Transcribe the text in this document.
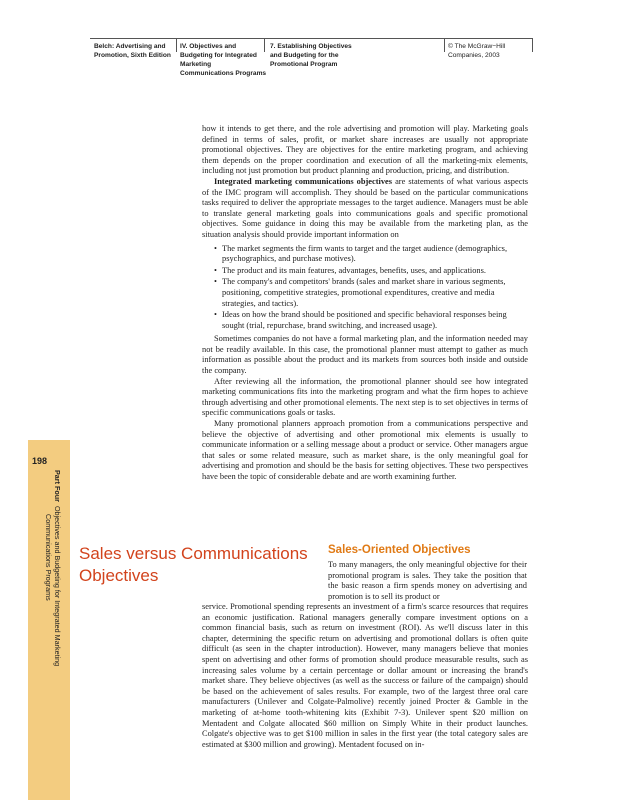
Belch: Advertising and
Promotion, Sixth Edition
IV. Objectives and
Budgeting for Integrated
Marketing
Communications Programs
7. Establishing Objectives
and Budgeting for the
Promotional Program
© The McGraw−Hill
Companies, 2003
198
Part Four  Objectives and Budgeting for Integrated Marketing
Communications Programs

how it intends to get there, and the role advertising and promotion will play. Marketing goals defined in terms of sales, profit, or market share increases are usually not appropriate promotional objectives. They are objectives for the entire marketing program, and achieving them depends on the proper coordination and execution of all the marketing-mix elements, including not just promotion but product planning and production, pricing, and distribution.

Integrated marketing communications objectives are statements of what various aspects of the IMC program will accomplish. They should be based on the particular communications tasks required to deliver the appropriate messages to the target audience. Managers must be able to translate general marketing goals into communications goals and specific promotional objectives. Some guidance in doing this may be available from the marketing plan, as the situation analysis should provide important information on

• The market segments the firm wants to target and the target audience (demographics, psychographics, and purchase motives).
• The product and its main features, advantages, benefits, uses, and applications.
• The company's and competitors' brands (sales and market share in various segments, positioning, competitive strategies, promotional expenditures, creative and media strategies, and tactics).
• Ideas on how the brand should be positioned and specific behavioral responses being sought (trial, repurchase, brand switching, and increased usage).

Sometimes companies do not have a formal marketing plan, and the information needed may not be readily available. In this case, the promotional planner must attempt to gather as much information as possible about the product and its markets from sources both inside and outside the company.

After reviewing all the information, the promotional planner should see how integrated marketing communications fits into the marketing program and what the firm hopes to achieve through advertising and other promotional elements. The next step is to set objectives in terms of specific communications goals or tasks.

Many promotional planners approach promotion from a communications perspective and believe the objective of advertising and other promotional mix elements is usually to communicate information or a selling message about a product or service. Other managers argue that sales or some related measure, such as market share, is the only meaningful goal for advertising and promotion and should be the basis for setting objectives. These two perspectives have been the topic of considerable debate and are worth examining further.

Sales versus Communications Objectives
Sales-Oriented Objectives

To many managers, the only meaningful objective for their promotional program is sales. They take the position that the basic reason a firm spends money on advertising and promotion is to sell its product or

service. Promotional spending represents an investment of a firm's scarce resources that requires an economic justification. Rational managers generally compare investment options on a common financial basis, such as return on investment (ROI). As we'll discuss later in this chapter, determining the specific return on advertising and promotional dollars is often quite difficult (as seen in the chapter introduction). However, many managers believe that monies spent on advertising and other forms of promotion should produce measurable results, such as increasing sales volume by a certain percentage or dollar amount or increasing the brand's market share. They believe objectives (as well as the success or failure of the campaign) should be based on the achievement of sales results. For example, two of the largest three oral care manufacturers (Unilever and Colgate-Palmolive) recently joined Procter & Gamble in the marketing of at-home tooth-whitening kits (Exhibit 7-3). Unilever spent $20 million on Mentadent and Colgate allocated $60 million on Simply White in their product launches. Colgate's objective was to get $100 million in sales in the first year (the total category sales are estimated at $300 million and growing). Mentadent focused on in-
